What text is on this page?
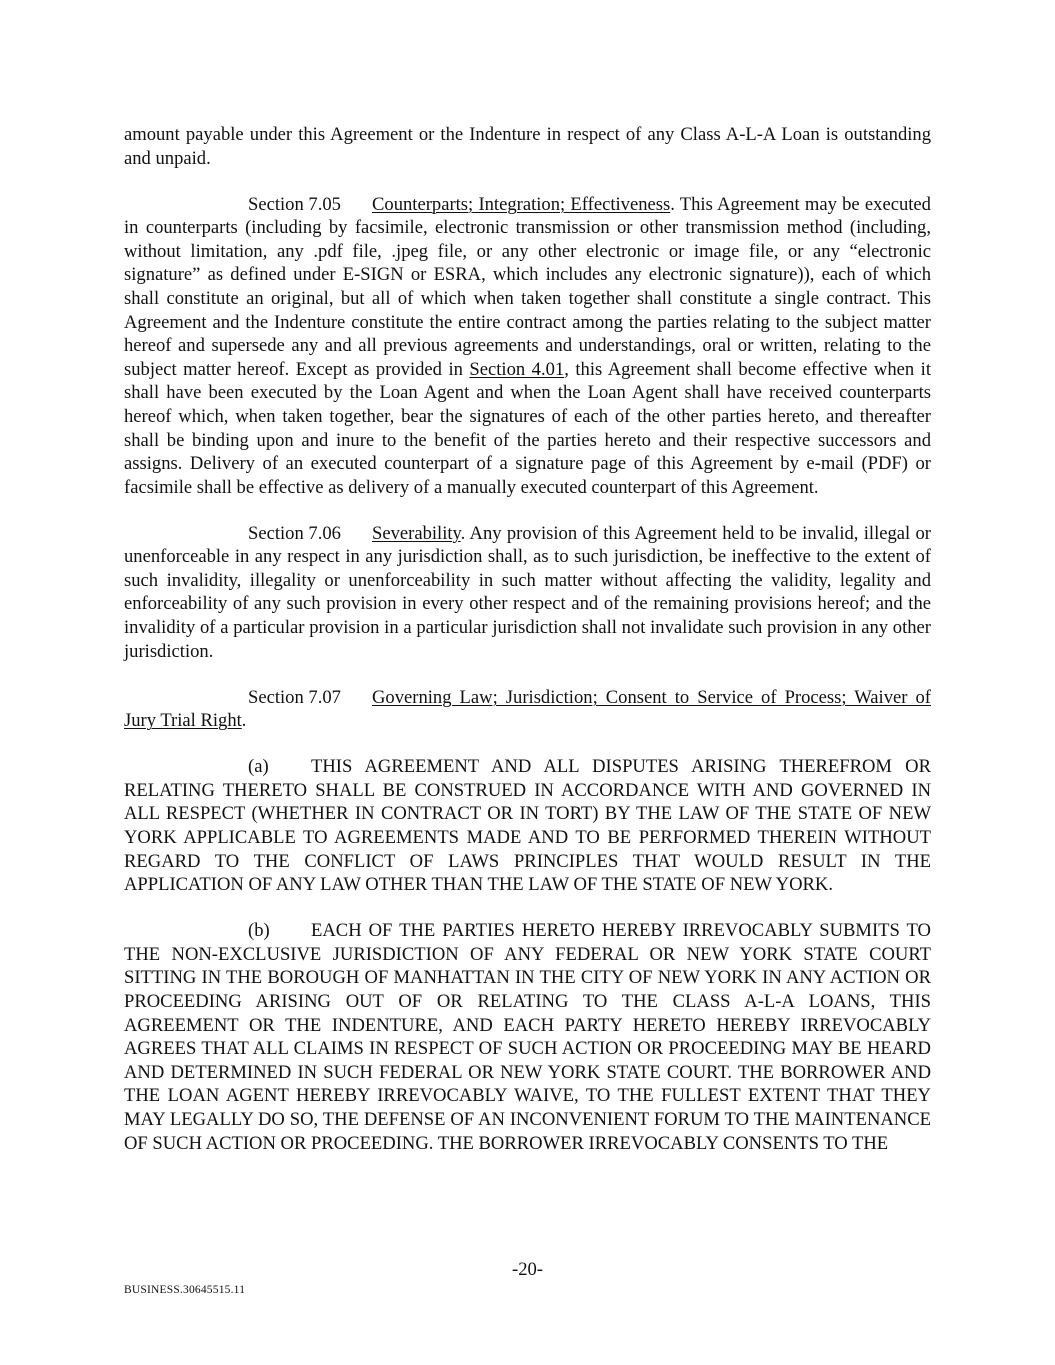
amount payable under this Agreement or the Indenture in respect of any Class A-L-A Loan is outstanding and unpaid.

Section 7.05 Counterparts; Integration; Effectiveness. This Agreement may be executed in counterparts (including by facsimile, electronic transmission or other transmission method (including, without limitation, any .pdf file, .jpeg file, or any other electronic or image file, or any “electronic signature” as defined under E-SIGN or ESRA, which includes any electronic signature)), each of which shall constitute an original, but all of which when taken together shall constitute a single contract. This Agreement and the Indenture constitute the entire contract among the parties relating to the subject matter hereof and supersede any and all previous agreements and understandings, oral or written, relating to the subject matter hereof. Except as provided in Section 4.01, this Agreement shall become effective when it shall have been executed by the Loan Agent and when the Loan Agent shall have received counterparts hereof which, when taken together, bear the signatures of each of the other parties hereto, and thereafter shall be binding upon and inure to the benefit of the parties hereto and their respective successors and assigns. Delivery of an executed counterpart of a signature page of this Agreement by e-mail (PDF) or facsimile shall be effective as delivery of a manually executed counterpart of this Agreement.

Section 7.06 Severability. Any provision of this Agreement held to be invalid, illegal or unenforceable in any respect in any jurisdiction shall, as to such jurisdiction, be ineffective to the extent of such invalidity, illegality or unenforceability in such matter without affecting the validity, legality and enforceability of any such provision in every other respect and of the remaining provisions hereof; and the invalidity of a particular provision in a particular jurisdiction shall not invalidate such provision in any other jurisdiction.

Section 7.07 Governing Law; Jurisdiction; Consent to Service of Process; Waiver of Jury Trial Right.

(a) THIS AGREEMENT AND ALL DISPUTES ARISING THEREFROM OR RELATING THERETO SHALL BE CONSTRUED IN ACCORDANCE WITH AND GOVERNED IN ALL RESPECT (WHETHER IN CONTRACT OR IN TORT) BY THE LAW OF THE STATE OF NEW YORK APPLICABLE TO AGREEMENTS MADE AND TO BE PERFORMED THEREIN WITHOUT REGARD TO THE CONFLICT OF LAWS PRINCIPLES THAT WOULD RESULT IN THE APPLICATION OF ANY LAW OTHER THAN THE LAW OF THE STATE OF NEW YORK.

(b) EACH OF THE PARTIES HERETO HEREBY IRREVOCABLY SUBMITS TO THE NON-EXCLUSIVE JURISDICTION OF ANY FEDERAL OR NEW YORK STATE COURT SITTING IN THE BOROUGH OF MANHATTAN IN THE CITY OF NEW YORK IN ANY ACTION OR PROCEEDING ARISING OUT OF OR RELATING TO THE CLASS A-L-A LOANS, THIS AGREEMENT OR THE INDENTURE, AND EACH PARTY HERETO HEREBY IRREVOCABLY AGREES THAT ALL CLAIMS IN RESPECT OF SUCH ACTION OR PROCEEDING MAY BE HEARD AND DETERMINED IN SUCH FEDERAL OR NEW YORK STATE COURT. THE BORROWER AND THE LOAN AGENT HEREBY IRREVOCABLY WAIVE, TO THE FULLEST EXTENT THAT THEY MAY LEGALLY DO SO, THE DEFENSE OF AN INCONVENIENT FORUM TO THE MAINTENANCE OF SUCH ACTION OR PROCEEDING. THE BORROWER IRREVOCABLY CONSENTS TO THE

-20-
BUSINESS.30645515.11
